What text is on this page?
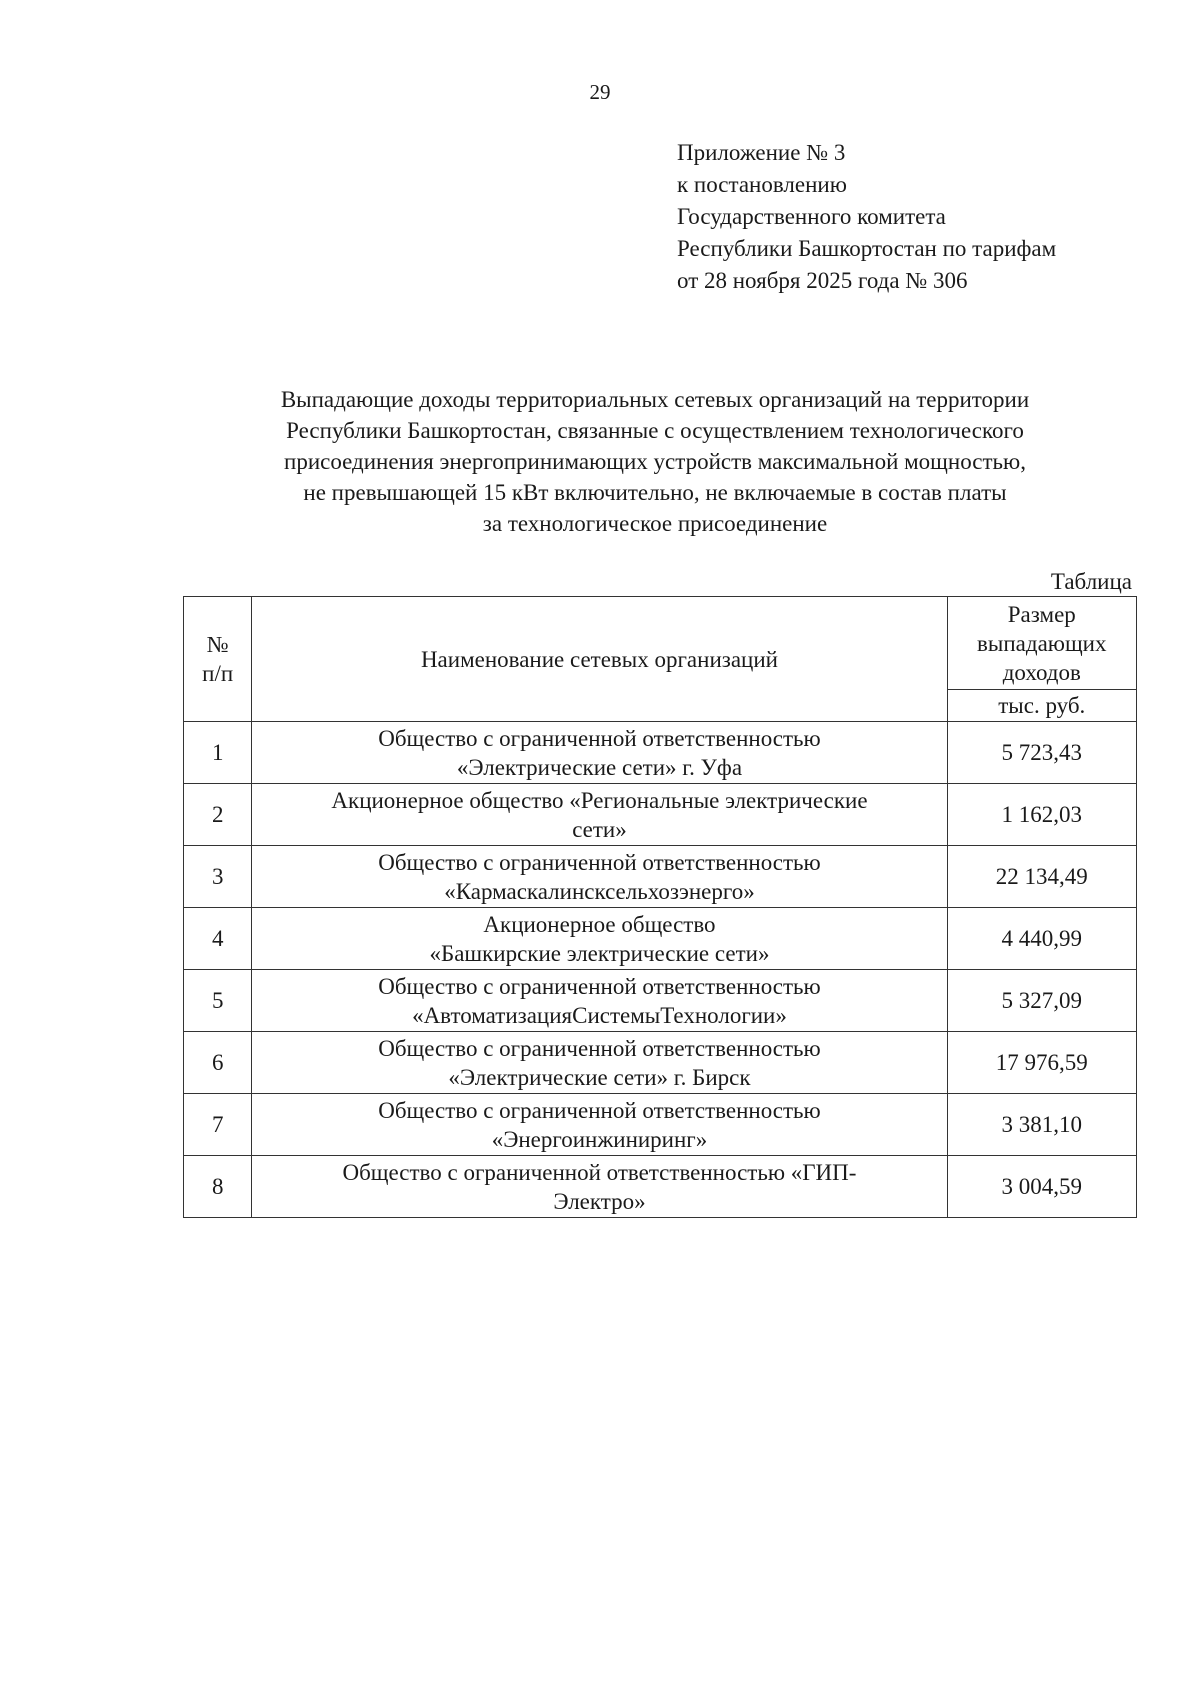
29
Приложение № 3
к постановлению
Государственного комитета
Республики Башкортостан по тарифам
от 28 ноября 2025 года № 306
Выпадающие доходы территориальных сетевых организаций на территории
Республики Башкортостан, связанные с осуществлением технологического
присоединения энергопринимающих устройств максимальной мощностью,
не превышающей 15 кВт включительно, не включаемые в состав платы
за технологическое присоединение
Таблица
№
п/п	Наименование сетевых организаций	Размер
выпадающих
доходов
		тыс. руб.
1	Общество с ограниченной ответственностью
«Электрические сети» г. Уфа	5 723,43
2	Акционерное общество «Региональные электрические
сети»	1 162,03
3	Общество с ограниченной ответственностью
«Кармаскалинсксельхозэнерго»	22 134,49
4	Акционерное общество
«Башкирские электрические сети»	4 440,99
5	Общество с ограниченной ответственностью
«АвтоматизацияСистемыТехнологии»	5 327,09
6	Общество с ограниченной ответственностью
«Электрические сети» г. Бирск	17 976,59
7	Общество с ограниченной ответственностью
«Энергоинжиниринг»	3 381,10
8	Общество с ограниченной ответственностью «ГИП-
Электро»	3 004,59
